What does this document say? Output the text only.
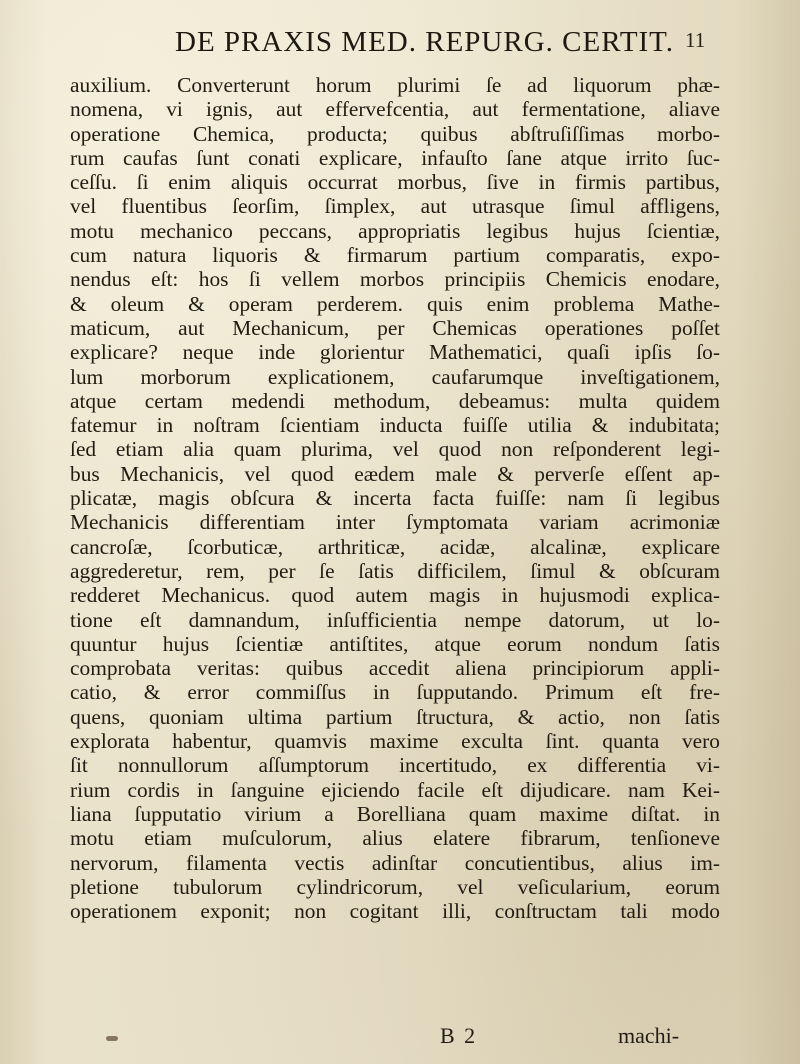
DE PRAXIS MED. REPURG. CERTIT. 11
auxilium. Converterunt horum plurimi ſe ad liquorum phæ-
nomena, vi ignis, aut effervefcentia, aut fermentatione, aliave
operatione Chemica, producta; quibus abſtruſiſſimas morbo-
rum caufas ſunt conati explicare, infauſto ſane atque irrito ſuc-
ceſſu. ſi enim aliquis occurrat morbus, ſive in firmis partibus,
vel fluentibus ſeorſim, ſimplex, aut utrasque ſimul affligens,
motu mechanico peccans, appropriatis legibus hujus ſcientiæ,
cum natura liquoris & firmarum partium comparatis, expo-
nendus eſt: hos ſi vellem morbos principiis Chemicis enodare,
& oleum & operam perderem. quis enim problema Mathe-
maticum, aut Mechanicum, per Chemicas operationes poſſet
explicare? neque inde glorientur Mathematici, quaſi ipſis ſo-
lum morborum explicationem, caufarumque inveſtigationem,
atque certam medendi methodum, debeamus: multa quidem
fatemur in noſtram ſcientiam inducta fuiſſe utilia & indubitata;
ſed etiam alia quam plurima, vel quod non reſponderent legi-
bus Mechanicis, vel quod eædem male & perverſe eſſent ap-
plicatæ, magis obſcura & incerta facta fuiſſe: nam ſi legibus
Mechanicis differentiam inter ſymptomata variam acrimoniæ
cancroſæ, ſcorbuticæ, arthriticæ, acidæ, alcalinæ, explicare
aggrederetur, rem, per ſe ſatis difficilem, ſimul & obſcuram
redderet Mechanicus. quod autem magis in hujusmodi explica-
tione eſt damnandum, inſufficientia nempe datorum, ut lo-
quuntur hujus ſcientiæ antiſtites, atque eorum nondum ſatis
comprobata veritas: quibus accedit aliena principiorum appli-
catio, & error commiſſus in ſupputando. Primum eſt fre-
quens, quoniam ultima partium ſtructura, & actio, non ſatis
explorata habentur, quamvis maxime exculta ſint. quanta vero
ſit nonnullorum aſſumptorum incertitudo, ex differentia vi-
rium cordis in ſanguine ejiciendo facile eſt dijudicare. nam Kei-
liana ſupputatio virium a Borelliana quam maxime diſtat. in
motu etiam muſculorum, alius elatere fibrarum, tenſioneve
nervorum, filamenta vectis adinſtar concutientibus, alius im-
pletione tubulorum cylindricorum, vel veſicularium, eorum
operationem exponit; non cogitant illi, conſtructam tali modo
B 2	machi-
